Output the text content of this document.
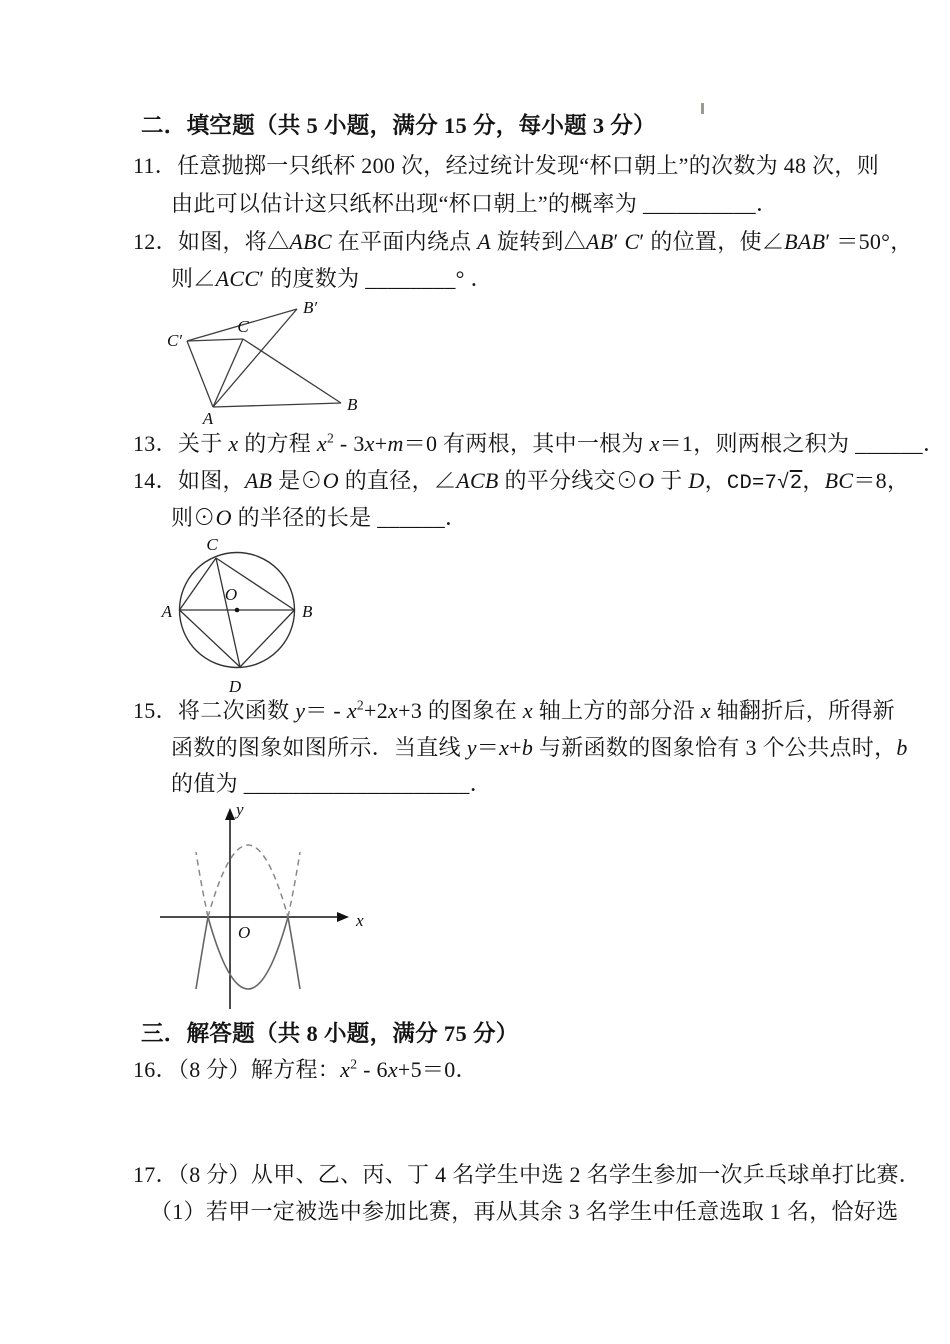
二．填空题（共 5 小题，满分 15 分，每小题 3 分）
11．任意抛掷一只纸杯 200 次，经过统计发现“杯口朝上”的次数为 48 次，则
由此可以估计这只纸杯出现“杯口朝上”的概率为 __________．
12．如图，将△ABC 在平面内绕点 A 旋转到△AB′ C′ 的位置，使∠BAB′ ＝50°，
则∠ACC′ 的度数为 ________° ．
A
B
C
C′
B′
13．关于 x 的方程 $x^2 - 3x+m=0$ 有两根，其中一根为 x＝1，则两根之积为 ______．
14．如图，AB 是⊙O 的直径，∠ACB 的平分线交⊙O 于 D，CD=7√2，BC＝8，
则⊙O 的半径的长是 ______．
C
A	B
D
O
15．将二次函数 $y= - x^2+2x+3$ 的图象在 x 轴上方的部分沿 x 轴翻折后，所得新
函数的图象如图所示．当直线 y＝x+b 与新函数的图象恰有 3 个公共点时，b
的值为 ____________________．
x
y
O
三．解答题（共 8 小题，满分 75 分）
16．（8 分）解方程：$x^2 - 6x+5=0$．
17．（8 分）从甲、乙、丙、丁 4 名学生中选 2 名学生参加一次乒乓球单打比赛．
（1）若甲一定被选中参加比赛，再从其余 3 名学生中任意选取 1 名，恰好选
